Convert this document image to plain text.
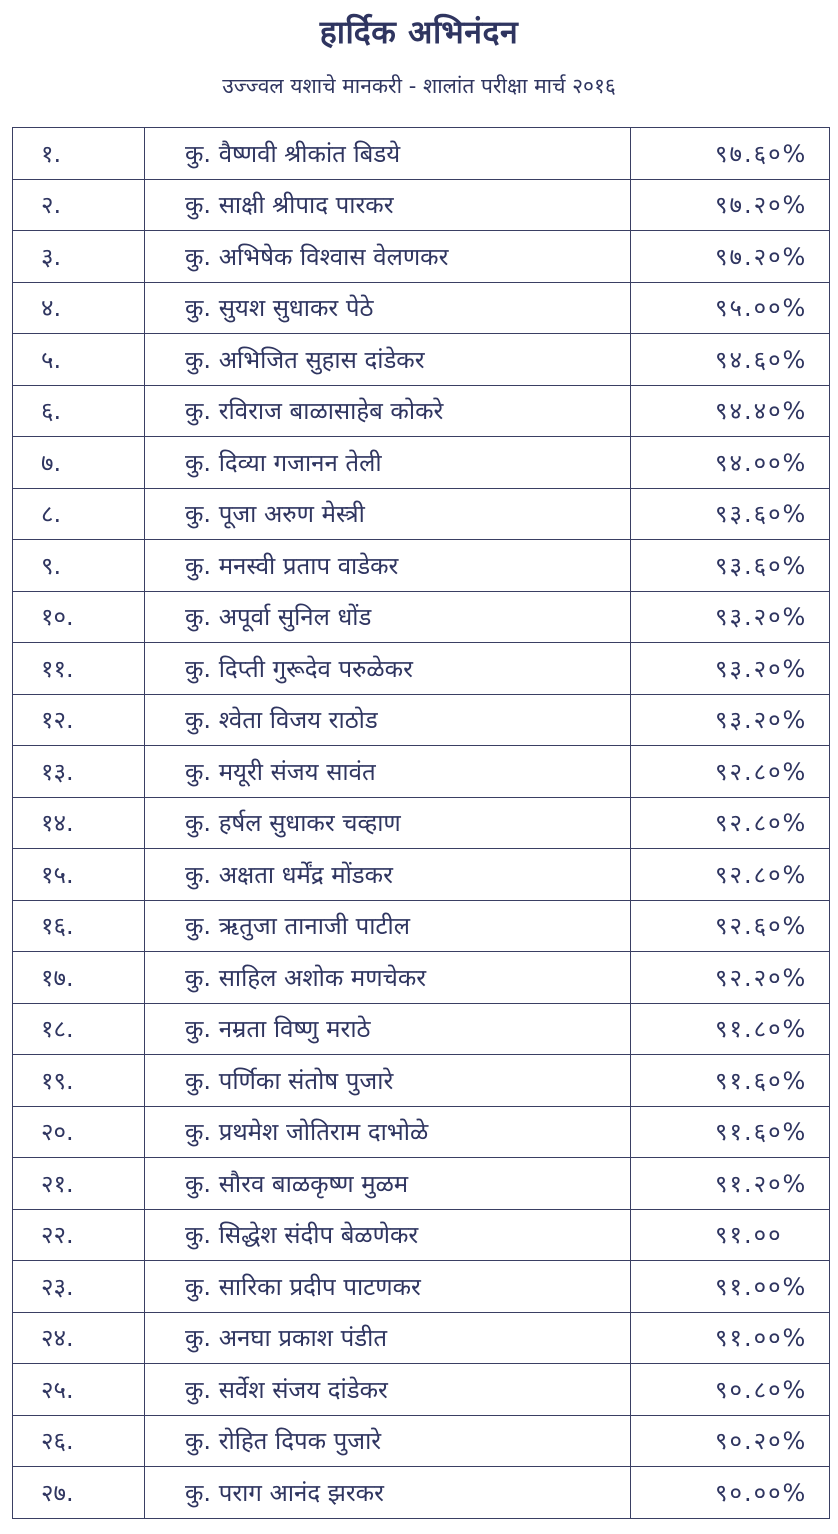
हार्दिक अभिनंदन
उज्ज्वल यशाचे मानकरी - शालांत परीक्षा मार्च २०१६
१.	कु. वैष्णवी श्रीकांत बिडये	९७.६०%
२.	कु. साक्षी श्रीपाद पारकर	९७.२०%
३.	कु. अभिषेक विश्वास वेलणकर	९७.२०%
४.	कु. सुयश सुधाकर पेठे	९५.००%
५.	कु. अभिजित सुहास दांडेकर	९४.६०%
६.	कु. रविराज बाळासाहेब कोकरे	९४.४०%
७.	कु. दिव्या गजानन तेली	९४.००%
८.	कु. पूजा अरुण मेस्त्री	९३.६०%
९.	कु. मनस्वी प्रताप वाडेकर	९३.६०%
१०.	कु. अपूर्वा सुनिल धोंड	९३.२०%
११.	कु. दिप्ती गुरूदेव परुळेकर	९३.२०%
१२.	कु. श्वेता विजय राठोड	९३.२०%
१३.	कु. मयूरी संजय सावंत	९२.८०%
१४.	कु. हर्षल सुधाकर चव्हाण	९२.८०%
१५.	कु. अक्षता धर्मेंद्र मोंडकर	९२.८०%
१६.	कु. ऋतुजा तानाजी पाटील	९२.६०%
१७.	कु. साहिल अशोक मणचेकर	९२.२०%
१८.	कु. नम्रता विष्णु मराठे	९१.८०%
१९.	कु. पर्णिका संतोष पुजारे	९१.६०%
२०.	कु. प्रथमेश जोतिराम दाभोळे	९१.६०%
२१.	कु. सौरव बाळकृष्ण मुळम	९१.२०%
२२.	कु. सिद्धेश संदीप बेळणेकर	९१.००
२३.	कु. सारिका प्रदीप पाटणकर	९१.००%
२४.	कु. अनघा प्रकाश पंडीत	९१.००%
२५.	कु. सर्वेश संजय दांडेकर	९०.८०%
२६.	कु. रोहित दिपक पुजारे	९०.२०%
२७.	कु. पराग आनंद झरकर	९०.००%
